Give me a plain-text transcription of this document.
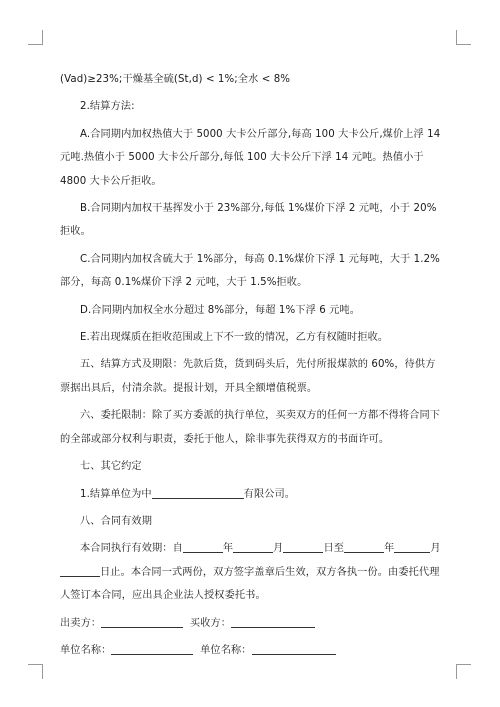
(Vad)≥23%;干燥基全硫(St,d) < 1%;全水 < 8%

2.结算方法:

A.合同期内加权热值大于 5000 大卡公斤部分,每高 100 大卡公斤,煤价上浮 14 元吨.热值小于 5000 大卡公斤部分,每低 100 大卡公斤下浮 14 元吨。热值小于 4800 大卡公斤拒收。

B.合同期内加权干基挥发小于 23%部分,每低 1%煤价下浮 2 元吨，小于 20%拒收。

C.合同期内加权含硫大于 1%部分，每高 0.1%煤价下浮 1 元每吨，大于 1.2%部分，每高 0.1%煤价下浮 2 元吨，大于 1.5%拒收。

D.合同期内加权全水分超过 8%部分，每超 1%下浮 6 元吨。

E.若出现煤质在拒收范围或上下不一致的情况，乙方有权随时拒收。

五、结算方式及期限：先款后货，货到码头后，先付所报煤款的 60%，待供方票据出具后，付清余款。提报计划，开具全额增值税票。

六、委托限制：除了买方委派的执行单位，买卖双方的任何一方都不得将合同下的全部或部分权利与职责，委托于他人，除非事先获得双方的书面许可。

七、其它约定

1.结算单位为中	有限公司。

八、合同有效期

本合同执行有效期：自	年	月	日至	年	月日止。本合同一式两份，双方签字盖章后生效，双方各执一份。由委托代理人签订本合同，应出具企业法人授权委托书。

出卖方：	买收方：

单位名称：	单位名称：
